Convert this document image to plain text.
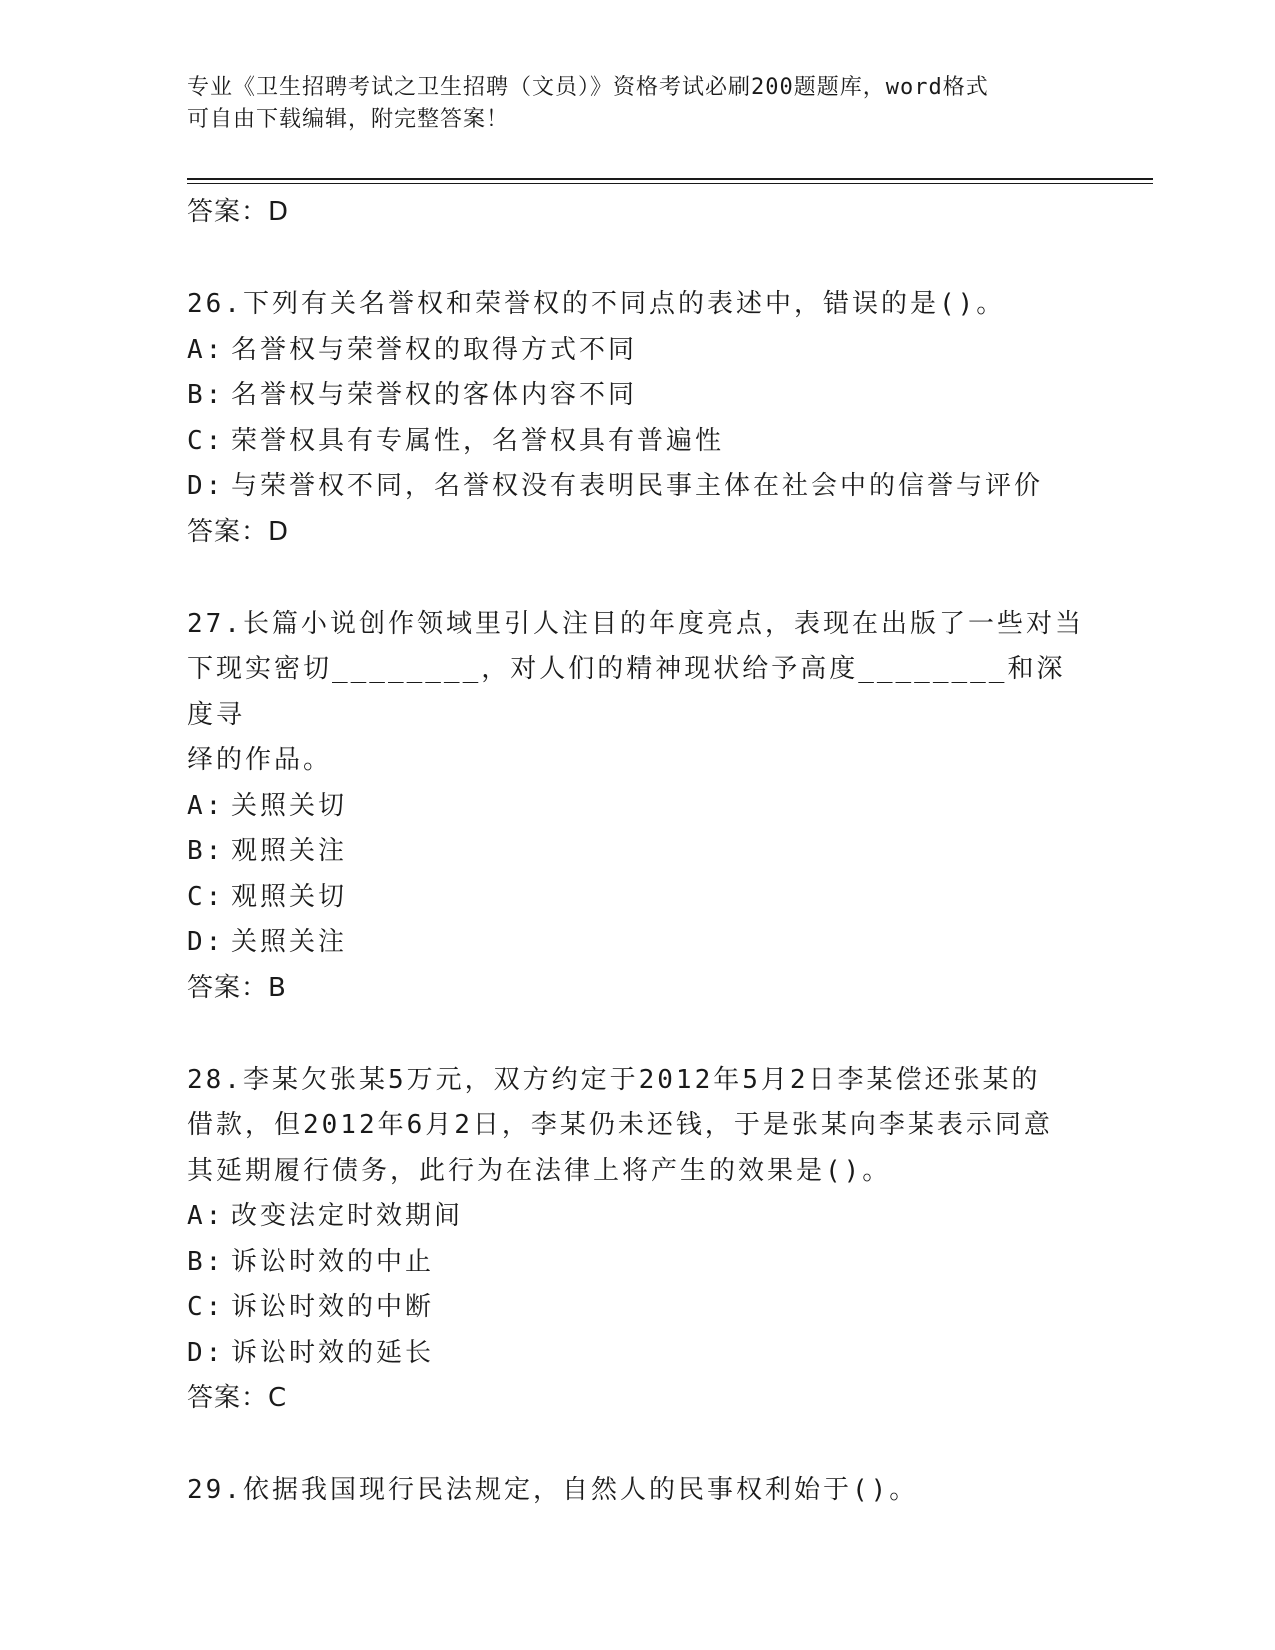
专业《卫生招聘考试之卫生招聘（文员）》资格考试必刷200题题库，word格式
可自由下载编辑，附完整答案！
答案：D
26.下列有关名誉权和荣誉权的不同点的表述中，错误的是()。
A: 名誉权与荣誉权的取得方式不同
B: 名誉权与荣誉权的客体内容不同
C: 荣誉权具有专属性，名誉权具有普遍性
D: 与荣誉权不同，名誉权没有表明民事主体在社会中的信誉与评价
答案：D
27.长篇小说创作领域里引人注目的年度亮点，表现在出版了一些对当
下现实密切________，对人们的精神现状给予高度________和深度寻
绎的作品。
A: 关照关切
B: 观照关注
C: 观照关切
D: 关照关注
答案：B
28.李某欠张某5万元，双方约定于2012年5月2日李某偿还张某的
借款，但2012年6月2日，李某仍未还钱，于是张某向李某表示同意
其延期履行债务，此行为在法律上将产生的效果是()。
A: 改变法定时效期间
B: 诉讼时效的中止
C: 诉讼时效的中断
D: 诉讼时效的延长
答案：C
29.依据我国现行民法规定，自然人的民事权利始于()。
